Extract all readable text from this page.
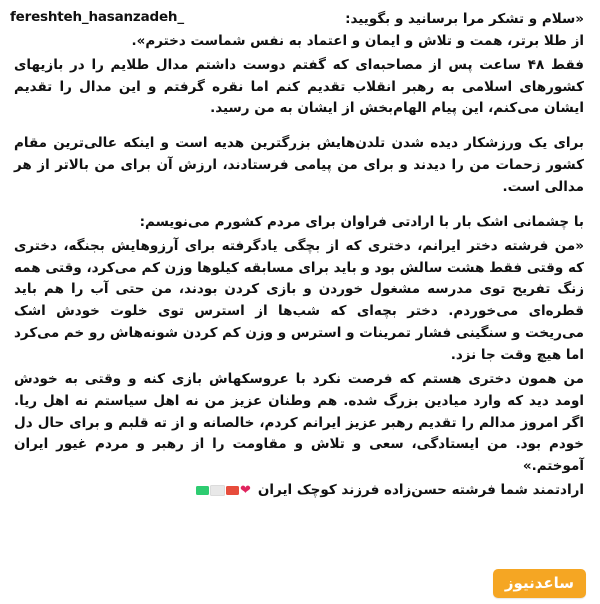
fereshteh_hasanzadeh_	«سلام و تشکر مرا برسانید و بگویید:

از طلا برتر، همت و تلاش و ایمان و اعتماد به نفس شماست دخترم».

فقط ۴۸ ساعت پس از مصاحبه‌ای که گفتم دوست داشتم مدال طلایم را در بازیهای کشورهای اسلامی به رهبر انقلاب تقدیم کنم اما نقره گرفتم و این مدال را تقدیم ایشان می‌کنم، این پیام الهام‌بخش از ایشان به من رسید.

برای یک ورزشکار دیده شدن تلدن‌هایش بزرگترین هدیه است و اینکه عالی‌ترین مقام کشور زحمات من را دیدند و برای من پیامی فرستادند، ارزش آن برای من بالاتر از هر مدالی است.

با چشمانی اشک بار با ارادتی فراوان برای مردم کشورم می‌نویسم:

«من فرشته دختر ایرانم، دختری که از بچگی یادگرفته برای آرزوهایش بجنگه، دختری که وقتی فقط هشت سالش بود و باید برای مسابقه کیلوها وزن کم می‌کرد، وقتی همه زنگ تفریح توی مدرسه مشغول خوردن و بازی کردن بودند، من حتی آب را هم باید قطره‌ای می‌خوردم. دختر بچه‌ای که شب‌ها از استرس توی خلوت خودش اشک می‌ریخت و سنگینی فشار تمرینات و استرس و وزن کم کردن شونه‌هاش رو خم می‌کرد اما هیچ وقت جا نزد.

من همون دختری هستم که فرصت نکرد با عروسکهاش بازی کنه و وقتی به خودش اومد دید که وارد میادین بزرگ شده. هم وطنان عزیز من نه اهل سیاستم نه اهل ریا. اگر امروز مدالم را تقدیم رهبر عزیز ایرانم کردم، خالصانه و از ته قلبم و برای حال دل خودم بود. من ایستادگی، سعی و تلاش و مقاومت را از رهبر و مردم غیور ایران آموختم.»

ارادتمند شما فرشته حسن‌زاده فرزند کوچک ایران
❤
ساعدنیوز
